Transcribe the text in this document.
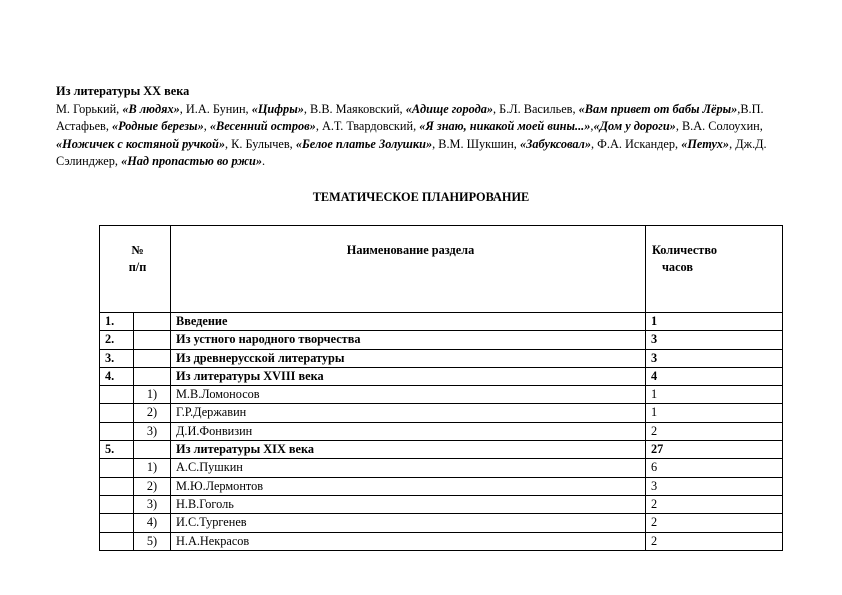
Из литературы XX века

М. Горький, «В людях», И.А. Бунин, «Цифры», В.В. Маяковский, «Адище города», Б.Л. Васильев, «Вам привет от бабы Лёры»,В.П. Астафьев, «Родные березы», «Весенний остров», А.Т. Твардовский, «Я знаю, никакой моей вины...»,«Дом у дороги», В.А. Солоухин, «Ножичек с костяной ручкой», К. Булычев, «Белое платье Золушки», В.М. Шукшин, «Забуксовал», Ф.А. Искандер, «Петух», Дж.Д. Сэлинджер, «Над пропастью во ржи».

ТЕМАТИЧЕСКОЕ ПЛАНИРОВАНИЕ

№
п/п		Наименование раздела	Количество
часов

1.		Введение	1
2.		Из устного народного творчества	3
3.		Из древнерусской литературы	3
4.		Из литературы XVIII века	4
	1)	М.В.Ломоносов	1
	2)	Г.Р.Державин	1
	3)	Д.И.Фонвизин	2
5.		Из литературы XIX века	27
	1)	А.С.Пушкин	6
	2)	М.Ю.Лермонтов	3
	3)	Н.В.Гоголь	2
	4)	И.С.Тургенев	2
	5)	Н.А.Некрасов	2
